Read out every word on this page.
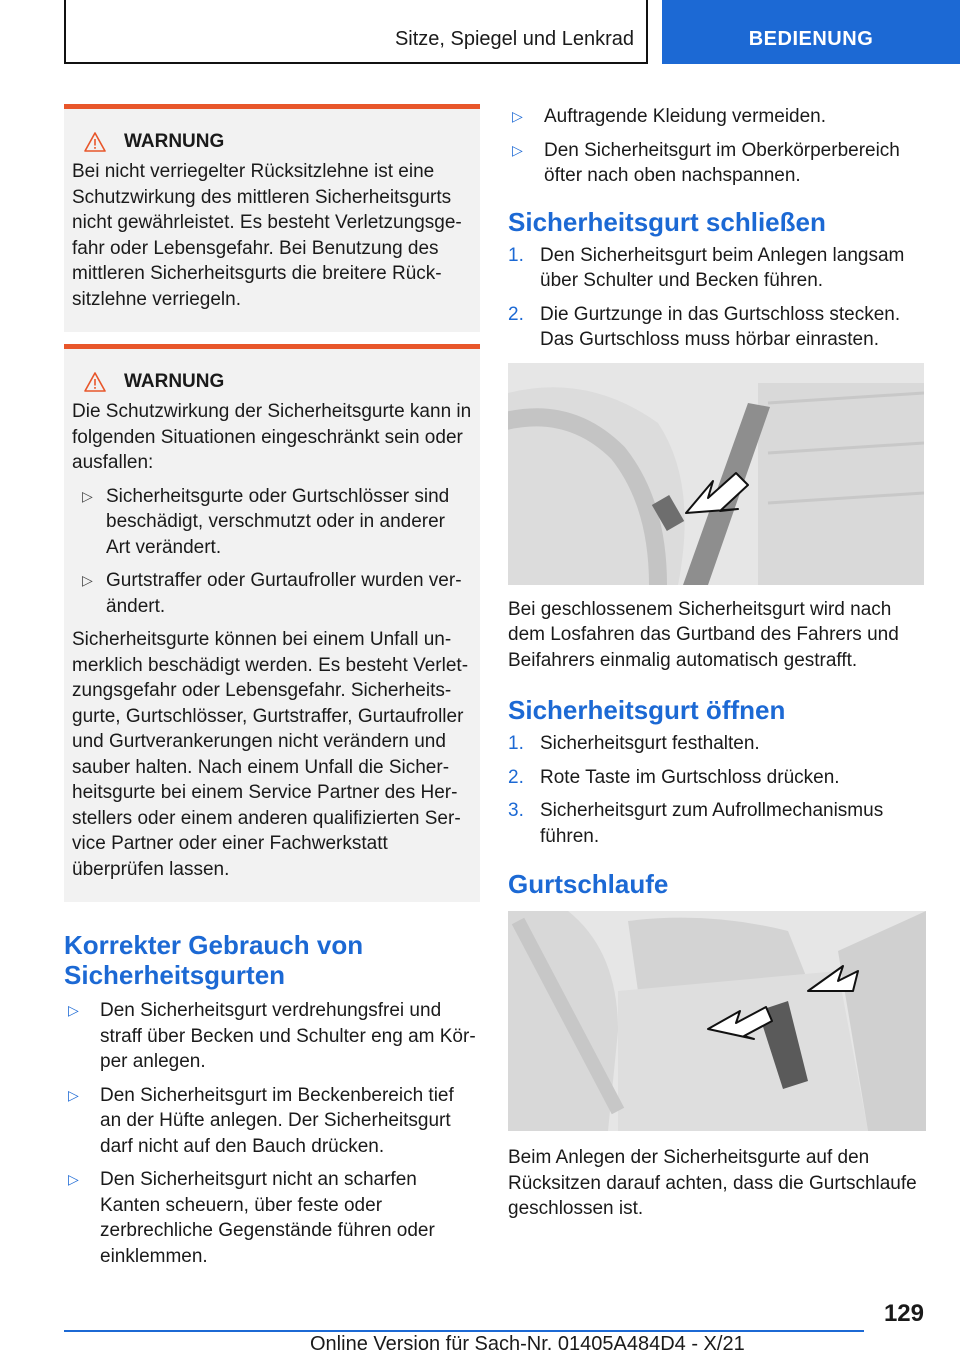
Sitze, Spiegel und Lenkrad	BEDIENUNG
WARNUNG

Bei nicht verriegelter Rücksitzlehne ist eine Schutzwirkung des mittleren Sicherheitsgurts nicht gewährleistet. Es besteht Verletzungsgefahr oder Lebensgefahr. Bei Benutzung des mittleren Sicherheitsgurts die breitere Rücksitzlehne verriegeln.

WARNUNG

Die Schutzwirkung der Sicherheitsgurte kann in folgenden Situationen eingeschränkt sein oder ausfallen:

▷ Sicherheitsgurte oder Gurtschlösser sind beschädigt, verschmutzt oder in anderer Art verändert.
▷ Gurtstraffer oder Gurtaufroller wurden verändert.

Sicherheitsgurte können bei einem Unfall unmerklich beschädigt werden. Es besteht Verletzungsgefahr oder Lebensgefahr. Sicherheitsgurte, Gurtschlösser, Gurtstraffer, Gurtaufroller und Gurtverankerungen nicht verändern und sauber halten. Nach einem Unfall die Sicherheitsgurte bei einem Service Partner des Herstellers oder einem anderen qualifizierten Service Partner oder einer Fachwerkstatt überprüfen lassen.

Korrekter Gebrauch von Sicherheitsgurten
▷ Den Sicherheitsgurt verdrehungsfrei und straff über Becken und Schulter eng am Körper anlegen.
▷ Den Sicherheitsgurt im Beckenbereich tief an der Hüfte anlegen. Der Sicherheitsgurt darf nicht auf den Bauch drücken.
▷ Den Sicherheitsgurt nicht an scharfen Kanten scheuern, über feste oder zerbrechliche Gegenstände führen oder einklemmen.
▷ Auftragende Kleidung vermeiden.
▷ Den Sicherheitsgurt im Oberkörperbereich öfter nach oben nachspannen.
Sicherheitsgurt schließen
1. Den Sicherheitsgurt beim Anlegen langsam über Schulter und Becken führen.
2. Die Gurtzunge in das Gurtschloss stecken. Das Gurtschloss muss hörbar einrasten.

Bei geschlossenem Sicherheitsgurt wird nach dem Losfahren das Gurtband des Fahrers und Beifahrers einmalig automatisch gestrafft.

Sicherheitsgurt öffnen
1. Sicherheitsgurt festhalten.
2. Rote Taste im Gurtschloss drücken.
3. Sicherheitsgurt zum Aufrollmechanismus führen.
Gurtschlaufe

Beim Anlegen der Sicherheitsgurte auf den Rücksitzen darauf achten, dass die Gurtschlaufe geschlossen ist.

129
Online Version für Sach-Nr. 01405A484D4 - X/21
